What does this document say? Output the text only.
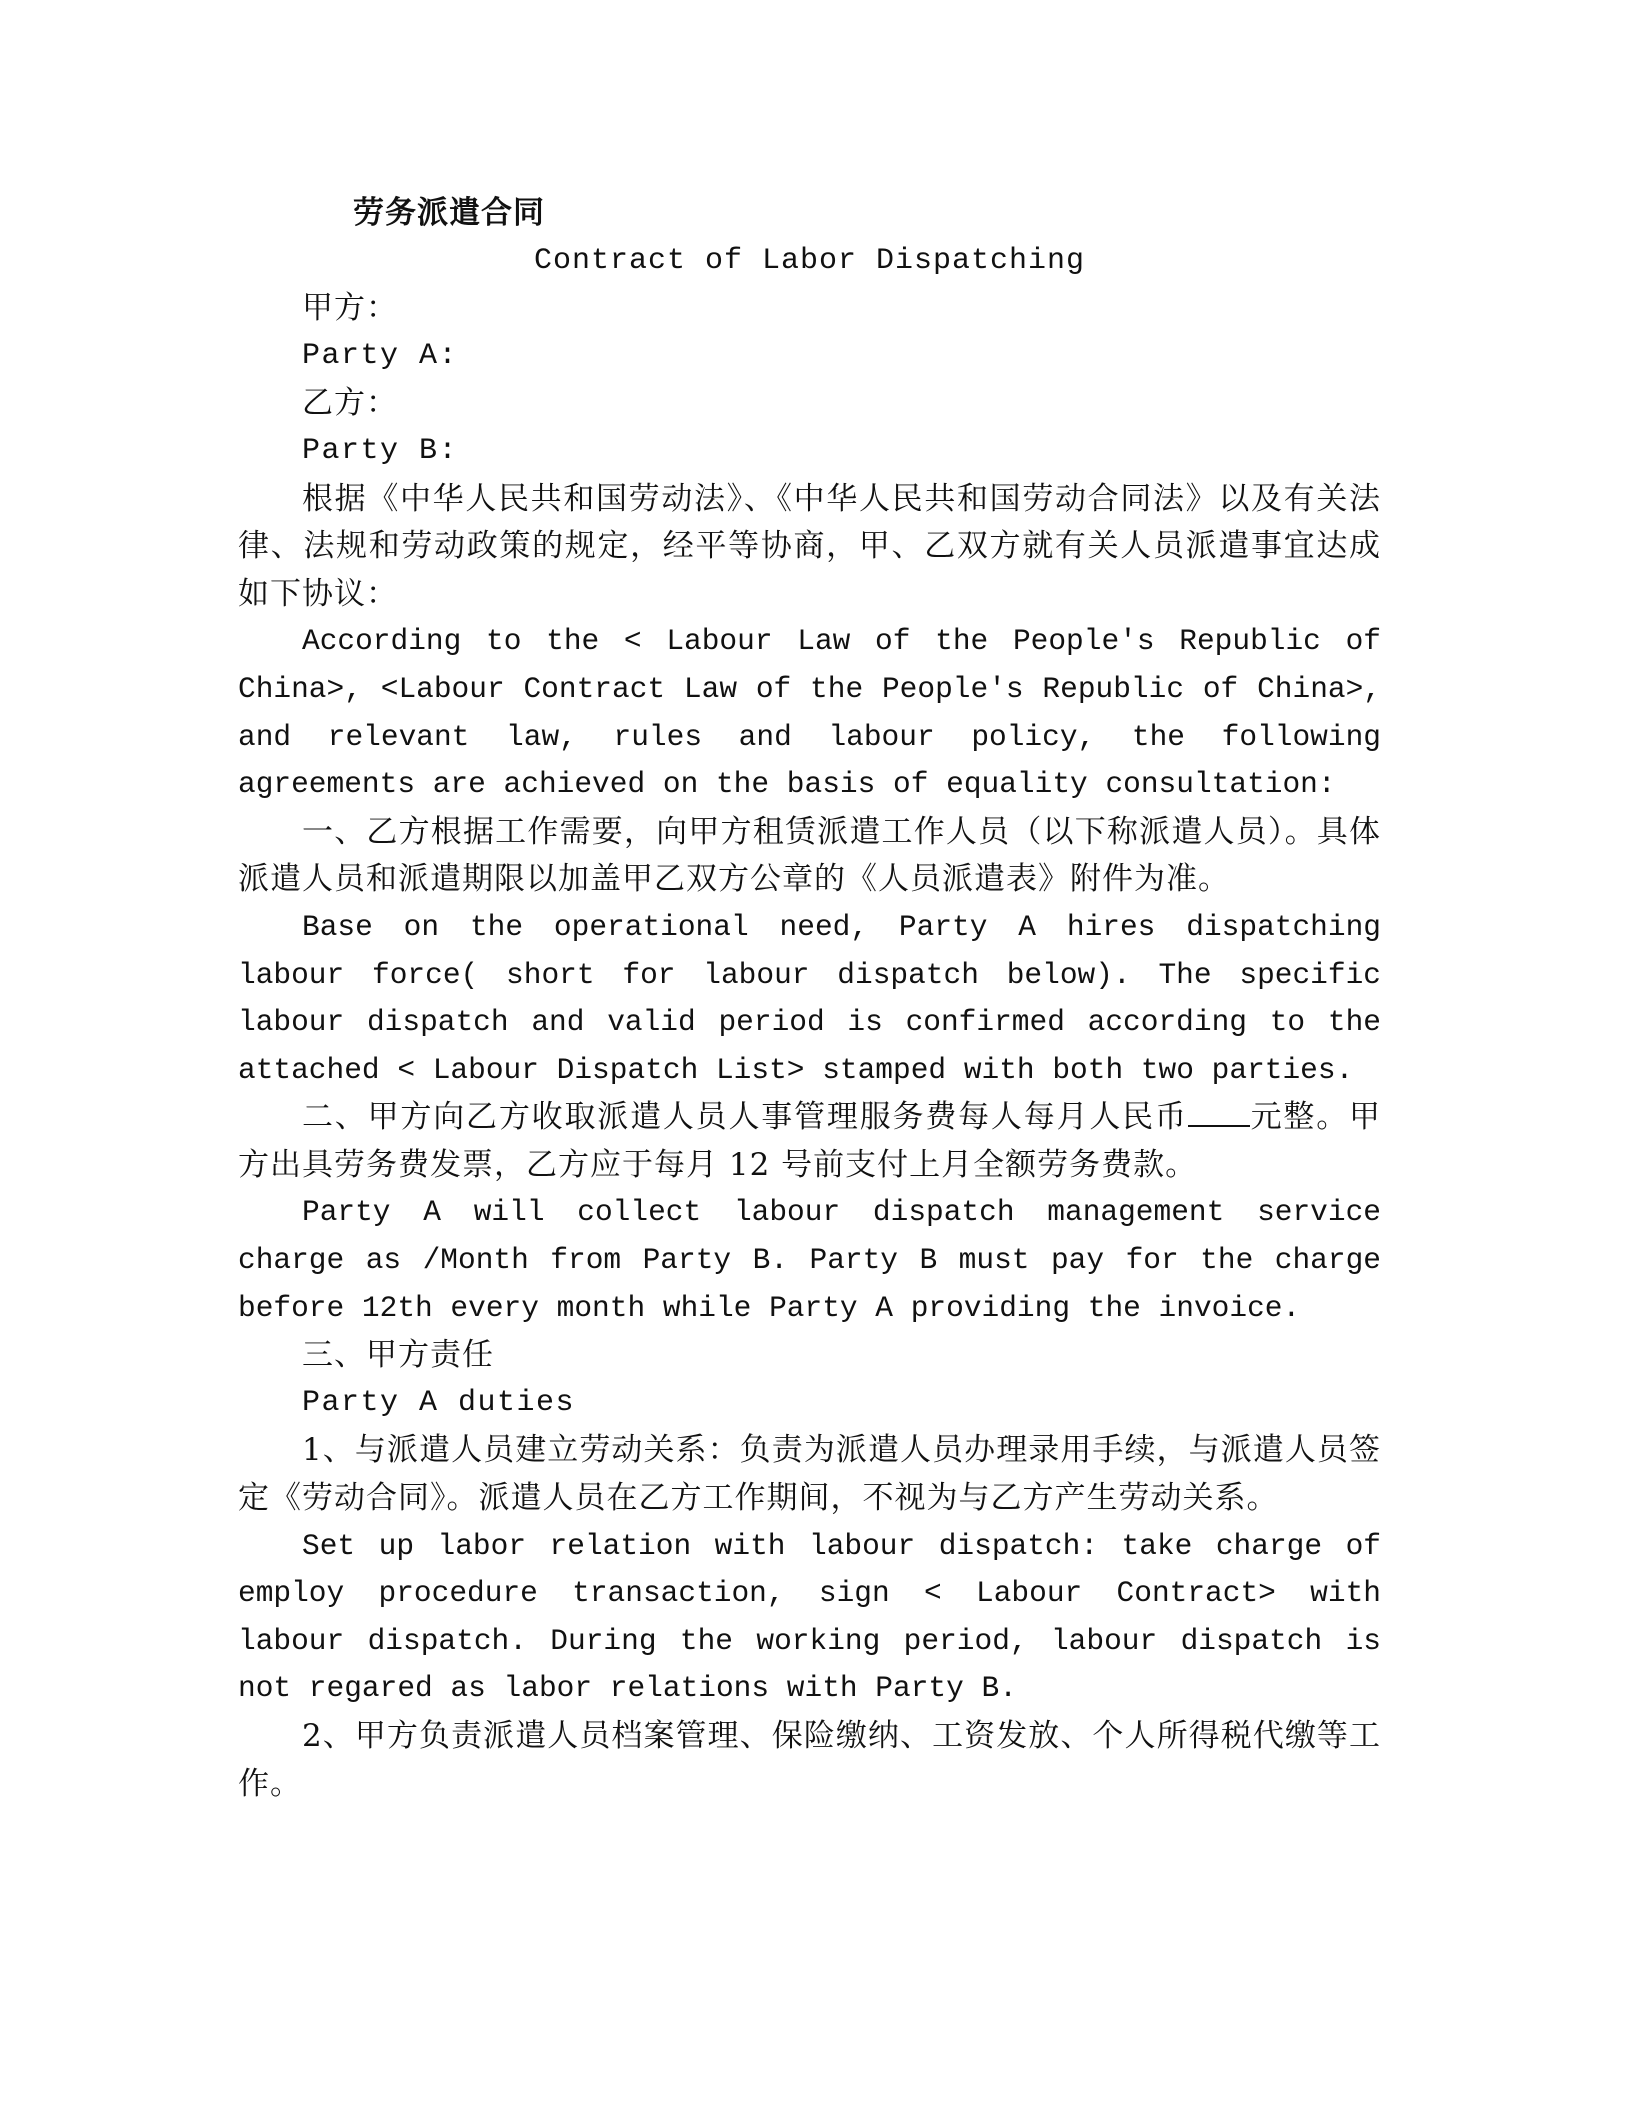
劳务派遣合同
Contract of Labor Dispatching
甲方：
Party A:
乙方：
Party B:

根据《中华人民共和国劳动法》、《中华人民共和国劳动合同法》以及有关法律、法规和劳动政策的规定，经平等协商，甲、乙双方就有关人员派遣事宜达成如下协议：

According to the < Labour Law of the People's Republic of China>, <Labour Contract Law of the People's Republic of China>, and relevant law, rules and labour policy, the following agreements are achieved on the basis of equality consultation:

一、乙方根据工作需要，向甲方租赁派遣工作人员（以下称派遣人员）。具体派遣人员和派遣期限以加盖甲乙双方公章的《人员派遣表》附件为准。

Base on the operational need, Party A hires dispatching labour force( short for labour dispatch below). The specific labour dispatch and valid period is confirmed according to the attached < Labour Dispatch List> stamped with both two parties.

二、甲方向乙方收取派遣人员人事管理服务费每人每月人民币 元整。甲方出具劳务费发票，乙方应于每月 12 号前支付上月全额劳务费款。

Party A will collect labour dispatch management service charge as /Month from Party B. Party B must pay for the charge before 12th every month while Party A providing the invoice.

三、甲方责任
Party A duties

1、与派遣人员建立劳动关系：负责为派遣人员办理录用手续，与派遣人员签定《劳动合同》。派遣人员在乙方工作期间，不视为与乙方产生劳动关系。

Set up labor relation with labour dispatch: take charge of employ procedure transaction, sign < Labour Contract> with labour dispatch. During the working period, labour dispatch is not regared as labor relations with Party B.

2、甲方负责派遣人员档案管理、保险缴纳、工资发放、个人所得税代缴等工作。
